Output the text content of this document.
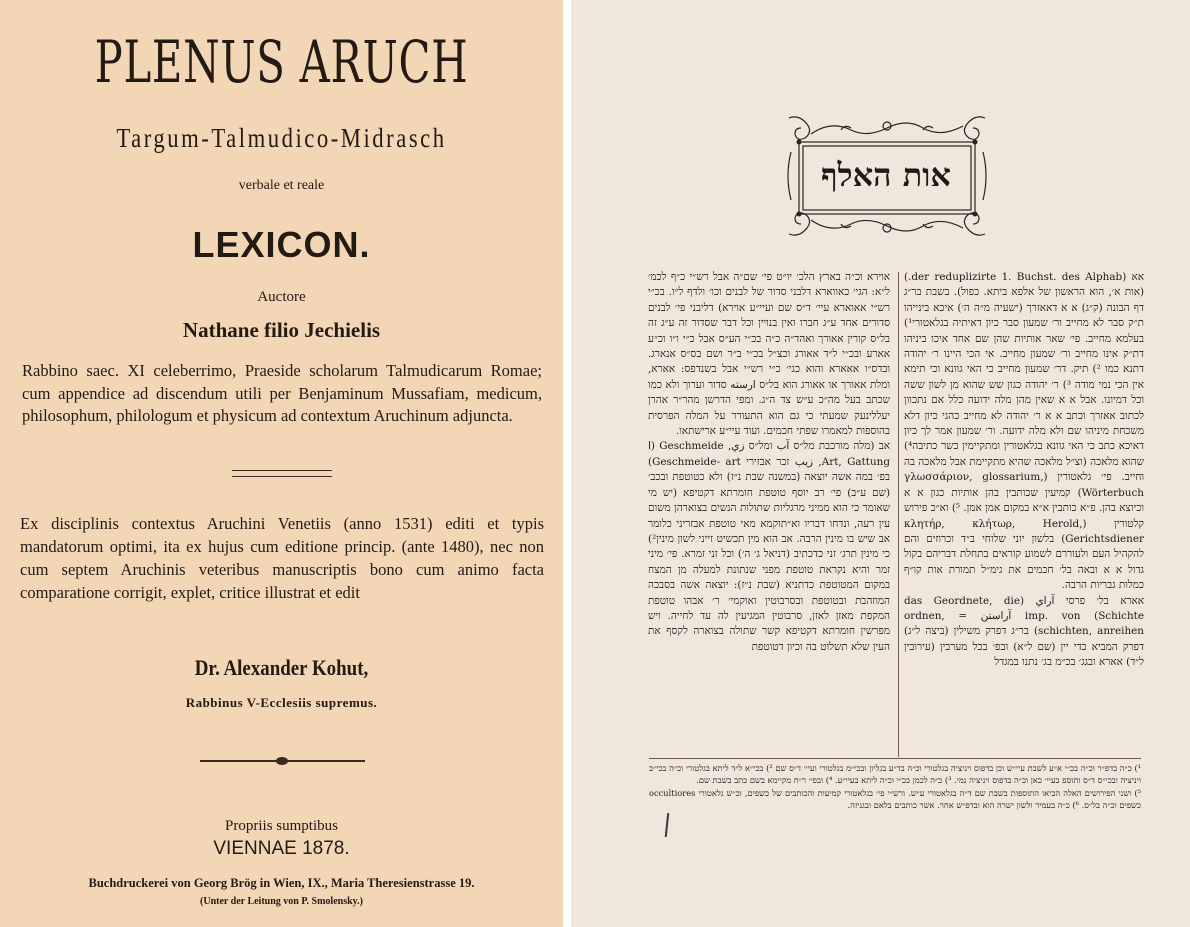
PLENUS ARUCH
Targum-Talmudico-Midrasch
verbale et reale
LEXICON.
Auctore
Nathane filio Jechielis
Rabbino saec. XI celeberrimo, Praeside scholarum Talmudicarum Romae; cum appendice ad discendum utili per Benjaminum Mussafiam, medicum, philosophum, philologum et physicum ad contextum Aruchinum adjuncta.
Ex disciplinis contextus Aruchini Venetiis (anno 1531) editi et typis mandatorum optimi, ita ex hujus cum editione princip. (ante 1480), nec non cum septem Aruchinis veteribus manuscriptis bono cum animo facta comparatione corrigit, explet, critice illustrat et edit
Dr. Alexander Kohut,
Rabbinus V-Ecclesiis supremus.
Propriis sumptibus
VIENNAE 1878.
Buchdruckerei von Georg Brög in Wien, IX., Maria Theresienstrasse 19.
(Unter der Leitung von P. Smolensky.)
אות האלף

אא (der reduplizirte 1. Buchst. des Alphab.) (אות א׳, הוא הראשון של אלפא ביתא. כפול). בשבת בר״ג דף הבונה (ק״ג) א א דאאזרך (ישעיה מ״ה ה׳) איכא בינייהו ת״ק סבר לא מחייב ור׳ שמעון סבר כיון דאיתיה בגלאטורי¹) בעלמא מחייב. פי׳ שאר אותיות שהן שם אחד איכו ביניהו דת״ק אינו מחייב ור׳ שמעון מחייב. אי הכי היינו ר׳ יהודה דתנא כמו ²) תיק. דר׳ שמעון מחייב כי האי גוונא וכי תימא אין הכי נמי מודה ³) ר׳ יהודה כגון שש שהוא מן לשון ששה וכל דמיונו. אבל א א שאין מהן מלה ידועה כלל אם נתכוון לכתוב אאזרך וכתב א א ר׳ יהודה לא מחייב כהגי כיון דלא משכחת מיניהו שם ולא מלה ידועה. ור׳ שמעון אמר לך כיון דאיכא כתב כי האי גוונא בגלאטורין ומתקיימין כשר כתיבה⁴) שהוא מלאכה (וצ״ל מלאכה שהיא מתקיימת אבל מלאכה בה וחייב. פי׳ גלאטורין (γλωσσάριον, glossarium, Wörterbuch) קמיעין שכותבין בהן אותיות כגון א א וכיוצא בהן. פ״א כותבין א״א במקום אמן אמן. ⁵) וא״כ פירוש קלטורין (κλητήρ, κλήτωρ, Herold, Gerichtsdiener) בלשון יוני שלוחי ב״ד וכרוזים והם להקהיל העם ולעוררם לשמוע קוראים בתחלת דבריהם בקול גדול א א ובאה בל׳ חכמים את גימ״ל תמורת אות קו״ף כמלות גבריות הרבה.

אארא בל׳ פרסי آراي (das Geordnete, die Schichte) imp. von آراستن = ordnen, schichten, anreihen) בר״ג דפרק משילין (ביצה ל״ג) דפרק המביא כדי יין (שם ל״א) ובפ׳ בכל מערבין (עירובין ל״ד) אארא ובגג׳ בכ״מ בג׳ נתנו במגדל

אוירא וכ״ה בארץ הלכ׳ יו״ט פי׳ שם״ה אבל רש״י כ״ף לכמ׳ ל״א: הגי׳ כאווארא דלבני סדור של לבנים וכו׳ ולדף ל״ו. בכ״י רש״י אאוארא עיי׳ ד״ס שם ועיי״ע אוירא) דליבני פי׳ לבנים סדורים אחד ע״ג חברו ואין בנויין וכל דבר שסדור זה ע״ג זה בל״ס קורין אאורך ואהד״ה כ״ה בכ״י הע״ס אבל כ״י ו״ו וכ״ע אארע ובכ״י ל״ד אאורג וכצ״ל בכ״י ב״ר ושם בס״ס אנארג. ובדס״ו אאארא והוא כגי׳ כ״י רש״י אבל בשנדפס: אארא, ומלת אאורך או אאורג הוא בל״ס ارسته סדור וערוך ולא כמו שכתב בעל מה״כ ע״ש צד ה״ג. ומפי הדרשן מהר״ר אהרן יעללינעק שמעתי כי גם הוא התעורר על המלה הפרסית בהוספות למאמרו שפתי חכמים. ועוד עיי״ע ארישתאו.

אב (מלה מורכבת מל״ס آب ומל״ס زي, Geschmeide (ا Art, Gattung, زيب זכר אבזירי Geschmeide- art) בפ׳ במה אשה יוצאה (במשנה שבת נ״ז) ולא כטוטפת ובכב׳ (שם ע״ב) פי׳ רב יוסף טוטפת חומרתא דקטיפא (יש מי שאומר כי הוא ממיני מרגליות שתולות הנשים בצוארהן משום עין רעה, ונדחו דבריו וא״תוקמא מאי טוטפת אבזריני כלומר אב שיש בו מינין הרבה. אב הוא מין תכשיט זייני לשון מינין²) כי מינין תרג׳ זני כדכתיב (דניאל ג׳ ה׳) וכל זני זמרא. פי׳ מיני זמר והיא נקראת טוטפת מפני שנתונת למעלה מן המצח במקום המטוטפת כדתניא (שבת נ״ז): יוצאה אשה בסבכה המוזהבת ובטוטפת ובסרבוטין ואוקמי׳ ר׳ אבהו טוטפת המקפת מאזן לאזן, סרבוטין המגיעין לה עד לחייה. ויש מפרשין חומרתא דקטיפא קשר שתולה בצוארה לקסף את העין שלא תשלוט בה וכיון דטוטפת

¹) כ״ה בדפ״ר וכ״ה בכ״י א״ע לשבת עיי״ש וכן בדפוס ויניציה בגלטורי וכ״ה בד״ע בגליון ובכי״מ בגלטורי ועיי׳ ד״ס שם ²) בכי״א ל״ד ליתא בגלטורי וכ״ה בכי״ב ויניציה ובכי״ס ד״ס ותוספ בעיי׳ כאן וכ״ה בדפוס ויניציה נמי. ³) כ״ה לכמן בכ״י וכ״ה ליתא בעיי״ע. ⁴) ובפי׳ ר״ח מקיימא בשם כתב בשבת שם.

⁵) ושני הפירושים האלה הביאו התוספות בשבת שם ד״ה בגלאטורי ע״ש. ורש״י פי׳ בגלאטורי קמיעות והכותבים של כשפים, וכ״ש גלאטורי occultiores כשפים וכ״ה בל״ס. ⁶) כ״ה בעמיר ולשון ישרה הוא ובדפ״ש אחר. אשר כותבים בלאם ובגניזה.
